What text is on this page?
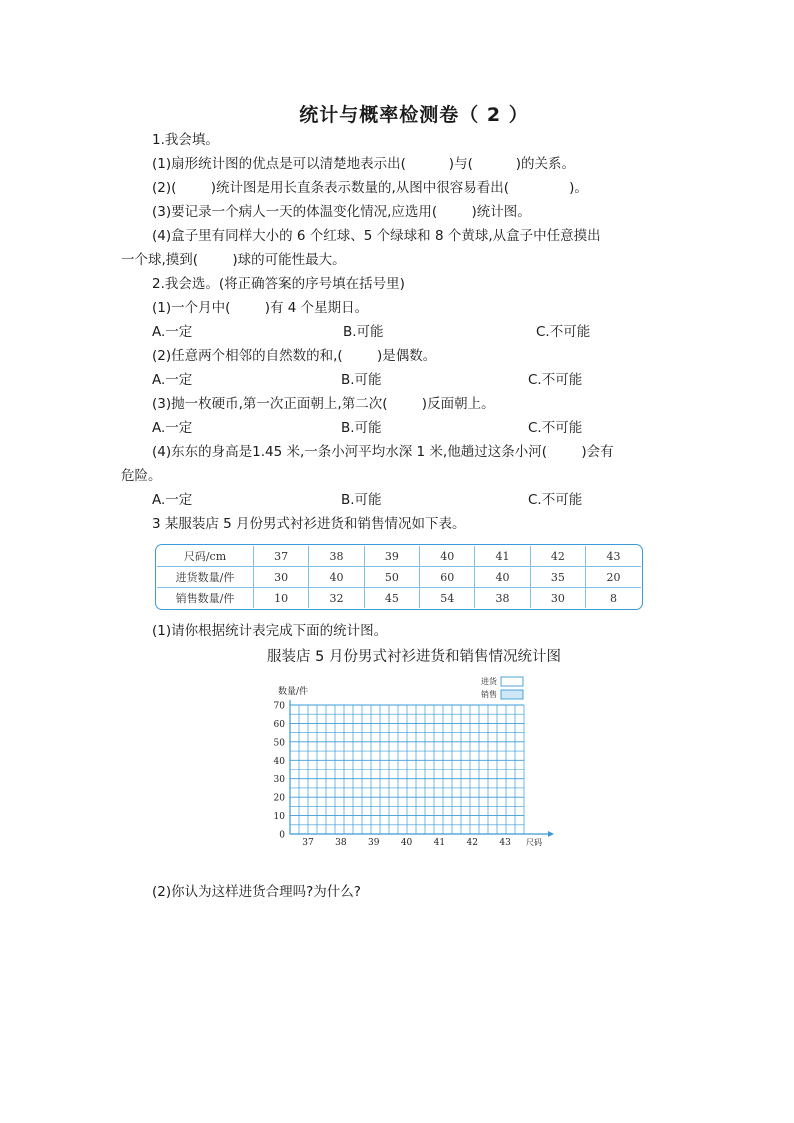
统计与概率检测卷（ 2 ）
1.我会填。
(1)扇形统计图的优点是可以清楚地表示出(          )与(          )的关系。
(2)(        )统计图是用长直条表示数量的,从图中很容易看出(              )。
(3)要记录一个病人一天的体温变化情况,应选用(        )统计图。
(4)盒子里有同样大小的 6 个红球、5 个绿球和 8 个黄球,从盒子中任意摸出
一个球,摸到(        )球的可能性最大。
2.我会选。(将正确答案的序号填在括号里)
(1)一个月中(        )有 4 个星期日。
A.一定	B.可能	C.不可能
(2)任意两个相邻的自然数的和,(        )是偶数。
A.一定	B.可能	C.不可能
(3)抛一枚硬币,第一次正面朝上,第二次(        )反面朝上。
A.一定	B.可能	C.不可能
(4)东东的身高是1.45 米,一条小河平均水深 1 米,他趟过这条小河(        )会有
危险。
A.一定	B.可能	C.不可能
3 某服装店 5 月份男式衬衫进货和销售情况如下表。
尺码/cm	37	38	39	40	41	42	43
进货数量/件	30	40	50	60	40	35	20
销售数量/件	10	32	45	54	38	30	8
(1)请你根据统计表完成下面的统计图。
服装店 5 月份男式衬衫进货和销售情况统计图
0
10
20
30
40
50
60
70
37 38 39 40 41 42 43
数量/件
尺码
进货
销售
(2)你认为这样进货合理吗?为什么?
